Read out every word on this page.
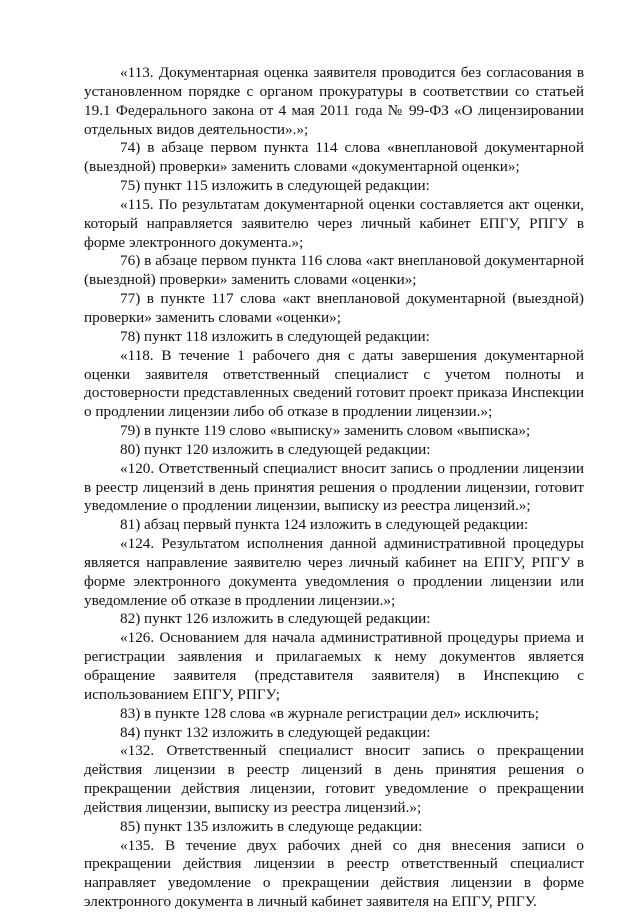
«113. Документарная оценка заявителя проводится без согласования в установленном порядке с органом прокуратуры в соответствии со статьей 19.1 Федерального закона от 4 мая 2011 года № 99-ФЗ «О лицензировании отдельных видов деятельности».»;

74) в абзаце первом пункта 114 слова «внеплановой документарной (выездной) проверки» заменить словами «документарной оценки»;

75) пункт 115 изложить в следующей редакции:

«115. По результатам документарной оценки составляется акт оценки, который направляется заявителю через личный кабинет ЕПГУ, РПГУ в форме электронного документа.»;

76) в абзаце первом пункта 116 слова «акт внеплановой документарной (выездной) проверки» заменить словами «оценки»;

77) в пункте 117 слова «акт внеплановой документарной (выездной) проверки» заменить словами «оценки»;

78) пункт 118 изложить в следующей редакции:

«118. В течение 1 рабочего дня с даты завершения документарной оценки заявителя ответственный специалист с учетом полноты и достоверности представленных сведений готовит проект приказа Инспекции о продлении лицензии либо об отказе в продлении лицензии.»;

79) в пункте 119 слово «выписку» заменить словом «выписка»;

80) пункт 120 изложить в следующей редакции:

«120. Ответственный специалист вносит запись о продлении лицензии в реестр лицензий в день принятия решения о продлении лицензии, готовит уведомление о продлении лицензии, выписку из реестра лицензий.»;

81) абзац первый пункта 124 изложить в следующей редакции:

«124. Результатом исполнения данной административной процедуры является направление заявителю через личный кабинет на ЕПГУ, РПГУ в форме электронного документа уведомления о продлении лицензии или уведомление об отказе в продлении лицензии.»;

82) пункт 126 изложить в следующей редакции:

«126. Основанием для начала административной процедуры приема и регистрации заявления и прилагаемых к нему документов является обращение заявителя (представителя заявителя) в Инспекцию с использованием ЕПГУ, РПГУ;

83) в пункте 128 слова «в журнале регистрации дел» исключить;

84) пункт 132 изложить в следующей редакции:

«132. Ответственный специалист вносит запись о прекращении действия лицензии в реестр лицензий в день принятия решения о прекращении действия лицензии, готовит уведомление о прекращении действия лицензии, выписку из реестра лицензий.»;

85) пункт 135 изложить в следующе редакции:

«135. В течение двух рабочих дней со дня внесения записи о прекращении действия лицензии в реестр ответственный специалист направляет уведомление о прекращении действия лицензии в форме электронного документа в личный кабинет заявителя на ЕПГУ, РПГУ.
